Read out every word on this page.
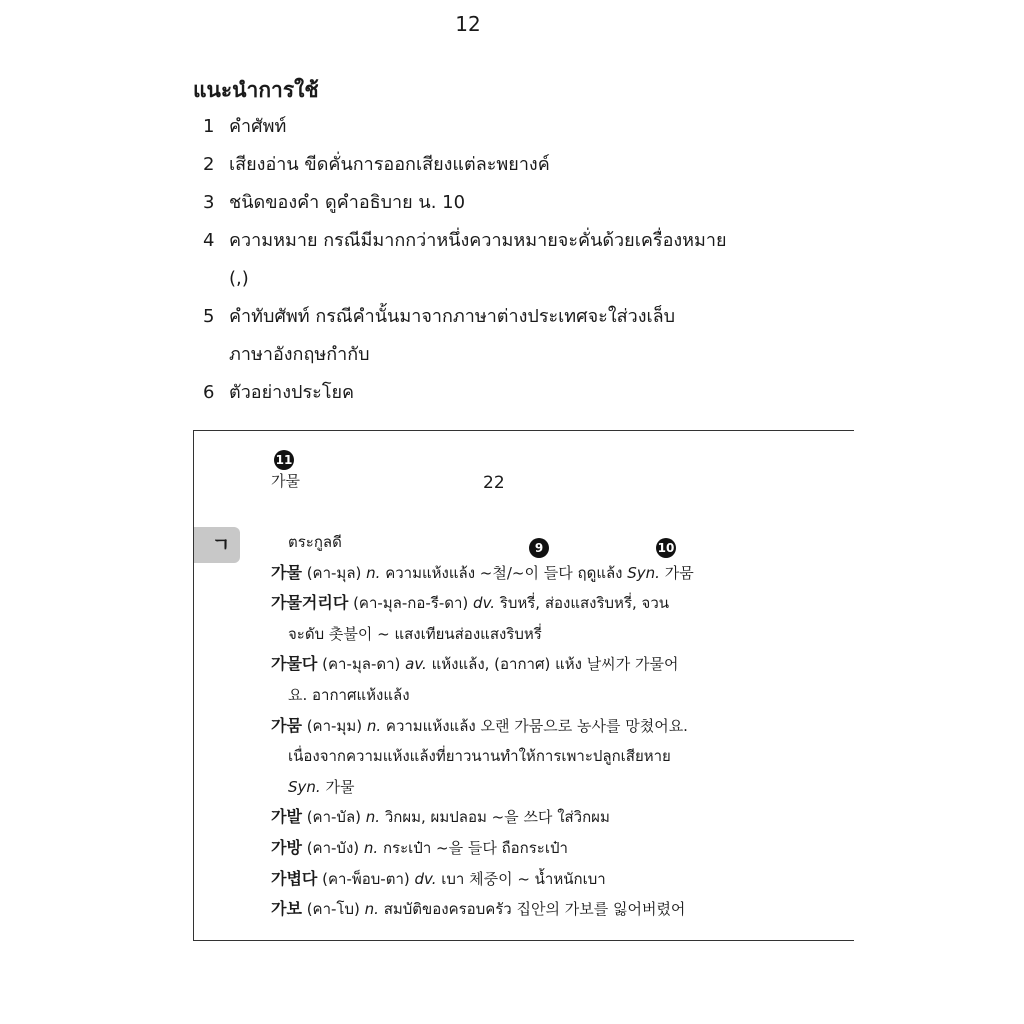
12
แนะนำการใช้
1 คำศัพท์
2 เสียงอ่าน ขีดคั่นการออกเสียงแต่ละพยางค์
3 ชนิดของคำ ดูคำอธิบาย น. 10
4 ความหมาย กรณีมีมากกว่าหนึ่งความหมายจะคั่นด้วยเครื่องหมาย
(,)
5 คำทับศัพท์ กรณีคำนั้นมาจากภาษาต่างประเทศจะใส่วงเล็บ
ภาษาอังกฤษกำกับ
6 ตัวอย่างประโยค
11
9	10
가물	22
ㄱ	ตระกูลดี
가물 (คา-มุล) n. ความแห้งแล้ง ~철/~이 들다 ฤดูแล้ง Syn. 가뭄
가물거리다 (คา-มุล-กอ-รี-ดา) dv. ริบหรี่, ส่องแสงริบหรี่, จวน
จะดับ 촛불이 ~ แสงเทียนส่องแสงริบหรี่
가물다 (คา-มุล-ดา) av. แห้งแล้ง, (อากาศ) แห้ง 날씨가 가물어
요. อากาศแห้งแล้ง
가뭄 (คา-มุม) n. ความแห้งแล้ง 오랜 가뭄으로 농사를 망쳤어요.
เนื่องจากความแห้งแล้งที่ยาวนานทำให้การเพาะปลูกเสียหาย
Syn. 가물
가발 (คา-บัล) n. วิกผม, ผมปลอม ~을 쓰다 ใส่วิกผม
가방 (คา-บัง) n. กระเป๋า ~을 들다 ถือกระเป๋า
가볍다 (คา-พ็อบ-ตา) dv. เบา 체중이 ~ น้ำหนักเบา
가보 (คา-โบ) n. สมบัติของครอบครัว 집안의 가보를 잃어버렸어
